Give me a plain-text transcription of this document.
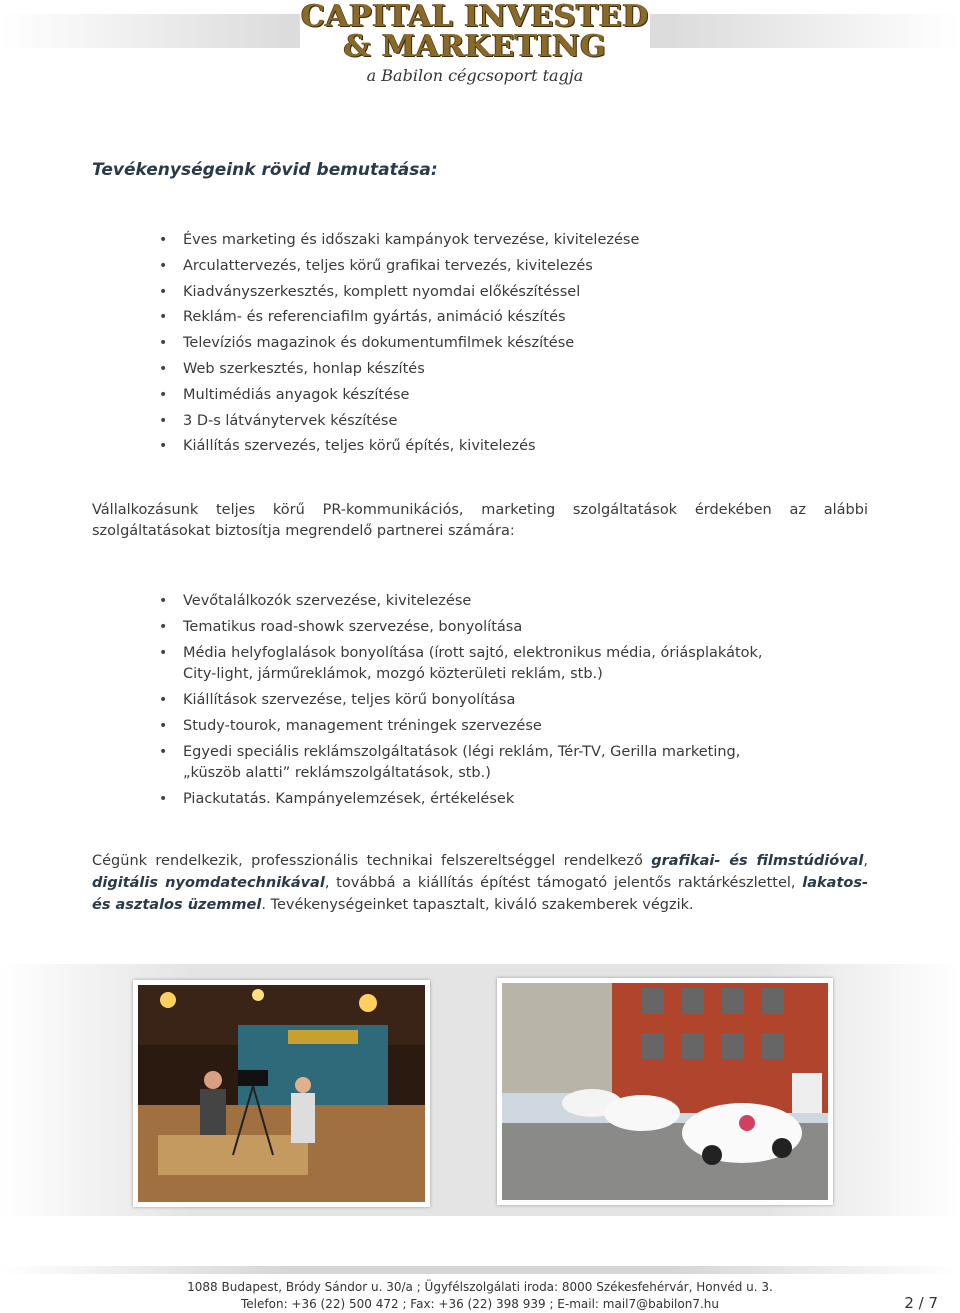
CAPITAL INVESTED
& MARKETING
a Babilon cégcsoport tagja
Tevékenységeink rövid bemutatása:
• Éves marketing és időszaki kampányok tervezése, kivitelezése
• Arculattervezés, teljes körű grafikai tervezés, kivitelezés
• Kiadványszerkesztés, komplett nyomdai előkészítéssel
• Reklám- és referenciafilm gyártás, animáció készítés
• Televíziós magazinok és dokumentumfilmek készítése
• Web szerkesztés, honlap készítés
• Multimédiás anyagok készítése
• 3 D-s látványtervek készítése
• Kiállítás szervezés, teljes körű építés, kivitelezés

Vállalkozásunk teljes körű PR-kommunikációs, marketing szolgáltatások érdekében az alábbi szolgáltatásokat biztosítja megrendelő partnerei számára:

• Vevőtalálkozók szervezése, kivitelezése
• Tematikus road-showk szervezése, bonyolítása
• Média helyfoglalások bonyolítása (írott sajtó, elektronikus média, óriásplakátok, City-light, járműreklámok, mozgó közterületi reklám, stb.)
• Kiállítások szervezése, teljes körű bonyolítása
• Study-tourok, management tréningek szervezése
• Egyedi speciális reklámszolgáltatások (légi reklám, Tér-TV, Gerilla marketing, „küszöb alatti” reklámszolgáltatások, stb.)
• Piackutatás. Kampányelemzések, értékelések

Cégünk rendelkezik, professzionális technikai felszereltséggel rendelkező grafikai- és filmstúdióval, digitális nyomdatechnikával, továbbá a kiállítás építést támogató jelentős raktárkészlettel, lakatos- és asztalos üzemmel. Tevékenységeinket tapasztalt, kiváló szakemberek végzik.

1088 Budapest, Bródy Sándor u. 30/a ; Ügyfélszolgálati iroda: 8000 Székesfehérvár, Honvéd u. 3.
Telefon: +36 (22) 500 472 ; Fax: +36 (22) 398 939 ; E-mail: mail7@babilon7.hu	2 / 7
